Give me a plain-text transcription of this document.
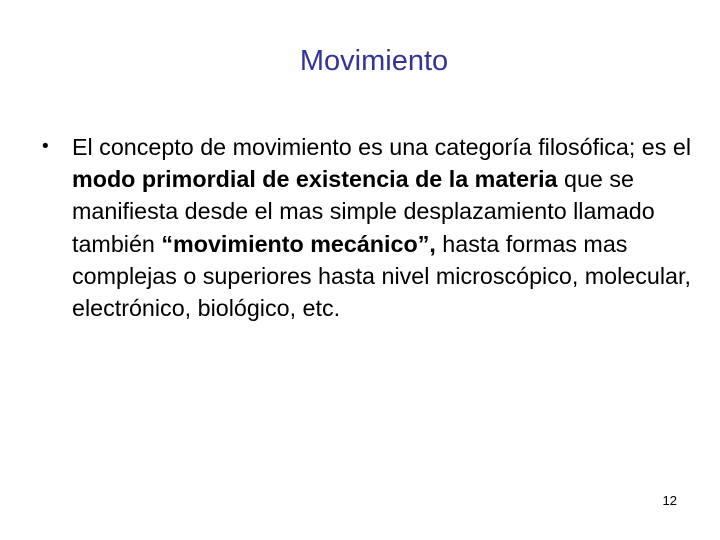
Movimiento
• El concepto de movimiento es una categoría filosófica; es el modo primordial de existencia de la materia que se manifiesta desde el mas simple desplazamiento llamado también “movimiento mecánico”, hasta formas mas complejas o superiores hasta nivel microscópico, molecular, electrónico, biológico, etc.
12
